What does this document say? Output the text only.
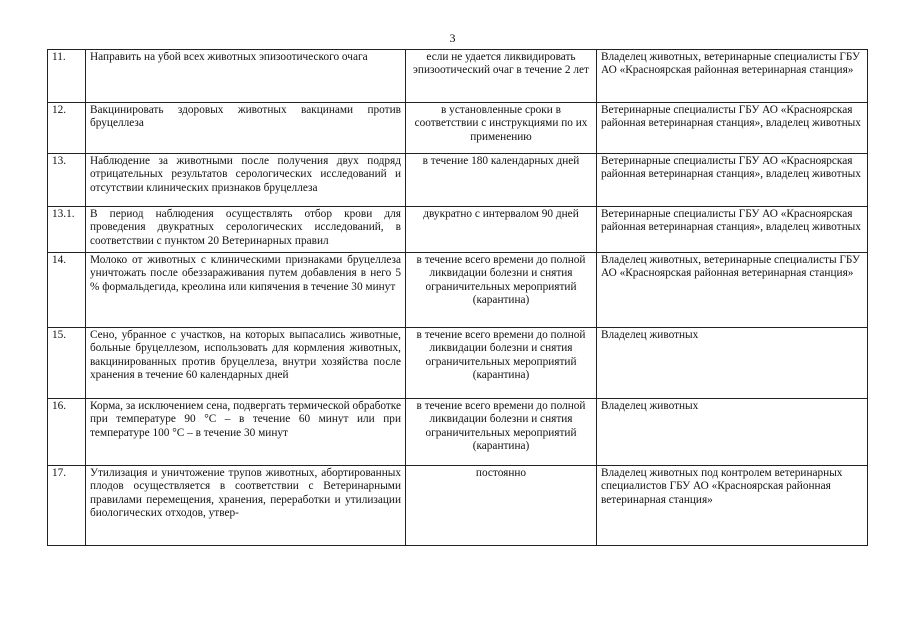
3
11.	Направить на убой всех животных эпизоотического очага	если не удается ликвидировать эпизоотический очаг в течение 2 лет	Владелец животных, ветеринарные специалисты ГБУ АО «Красноярская районная ветеринарная станция»
12.	Вакцинировать здоровых животных вакцинами против бруцеллеза	в установленные сроки в соответствии с инструкциями по их применению	Ветеринарные специалисты ГБУ АО «Красноярская районная ветеринарная станция», владелец животных
13.	Наблюдение за животными после получения двух подряд отрицательных результатов серологических исследований и отсутствии клинических признаков бруцеллеза	в течение 180 календарных дней	Ветеринарные специалисты ГБУ АО «Красноярская районная ветеринарная станция», владелец животных
13.1.	В период наблюдения осуществлять отбор крови для проведения двукратных серологических исследований, в соответствии с пунктом 20 Ветеринарных правил	двукратно с интервалом 90 дней	Ветеринарные специалисты ГБУ АО «Красноярская районная ветеринарная станция», владелец животных
14.	Молоко от животных с клиническими признаками бруцеллеза уничтожать после обеззараживания путем добавления в него 5 % формальдегида, креолина или кипячения в течение 30 минут	в течение всего времени до полной ликвидации болезни и снятия ограничительных мероприятий (карантина)	Владелец животных, ветеринарные специалисты ГБУ АО «Красноярская районная ветеринарная станция»
15.	Сено, убранное с участков, на которых выпасались животные, больные бруцеллезом, использовать для кормления животных, вакцинированных против бруцеллеза, внутри хозяйства после хранения в течение 60 календарных дней	в течение всего времени до полной ликвидации болезни и снятия ограничительных мероприятий (карантина)	Владелец животных
16.	Корма, за исключением сена, подвергать термической обработке при температуре 90 °С – в течение 60 минут или при температуре 100 °С – в течение 30 минут	в течение всего времени до полной ликвидации болезни и снятия ограничительных мероприятий (карантина)	Владелец животных
17.	Утилизация и уничтожение трупов животных, абортированных плодов осуществляется в соответствии с Ветеринарными правилами перемещения, хранения, переработки и утилизации биологических отходов, утвер-	постоянно	Владелец животных под контролем ветеринарных специалистов ГБУ АО «Красноярская районная ветеринарная станция»
